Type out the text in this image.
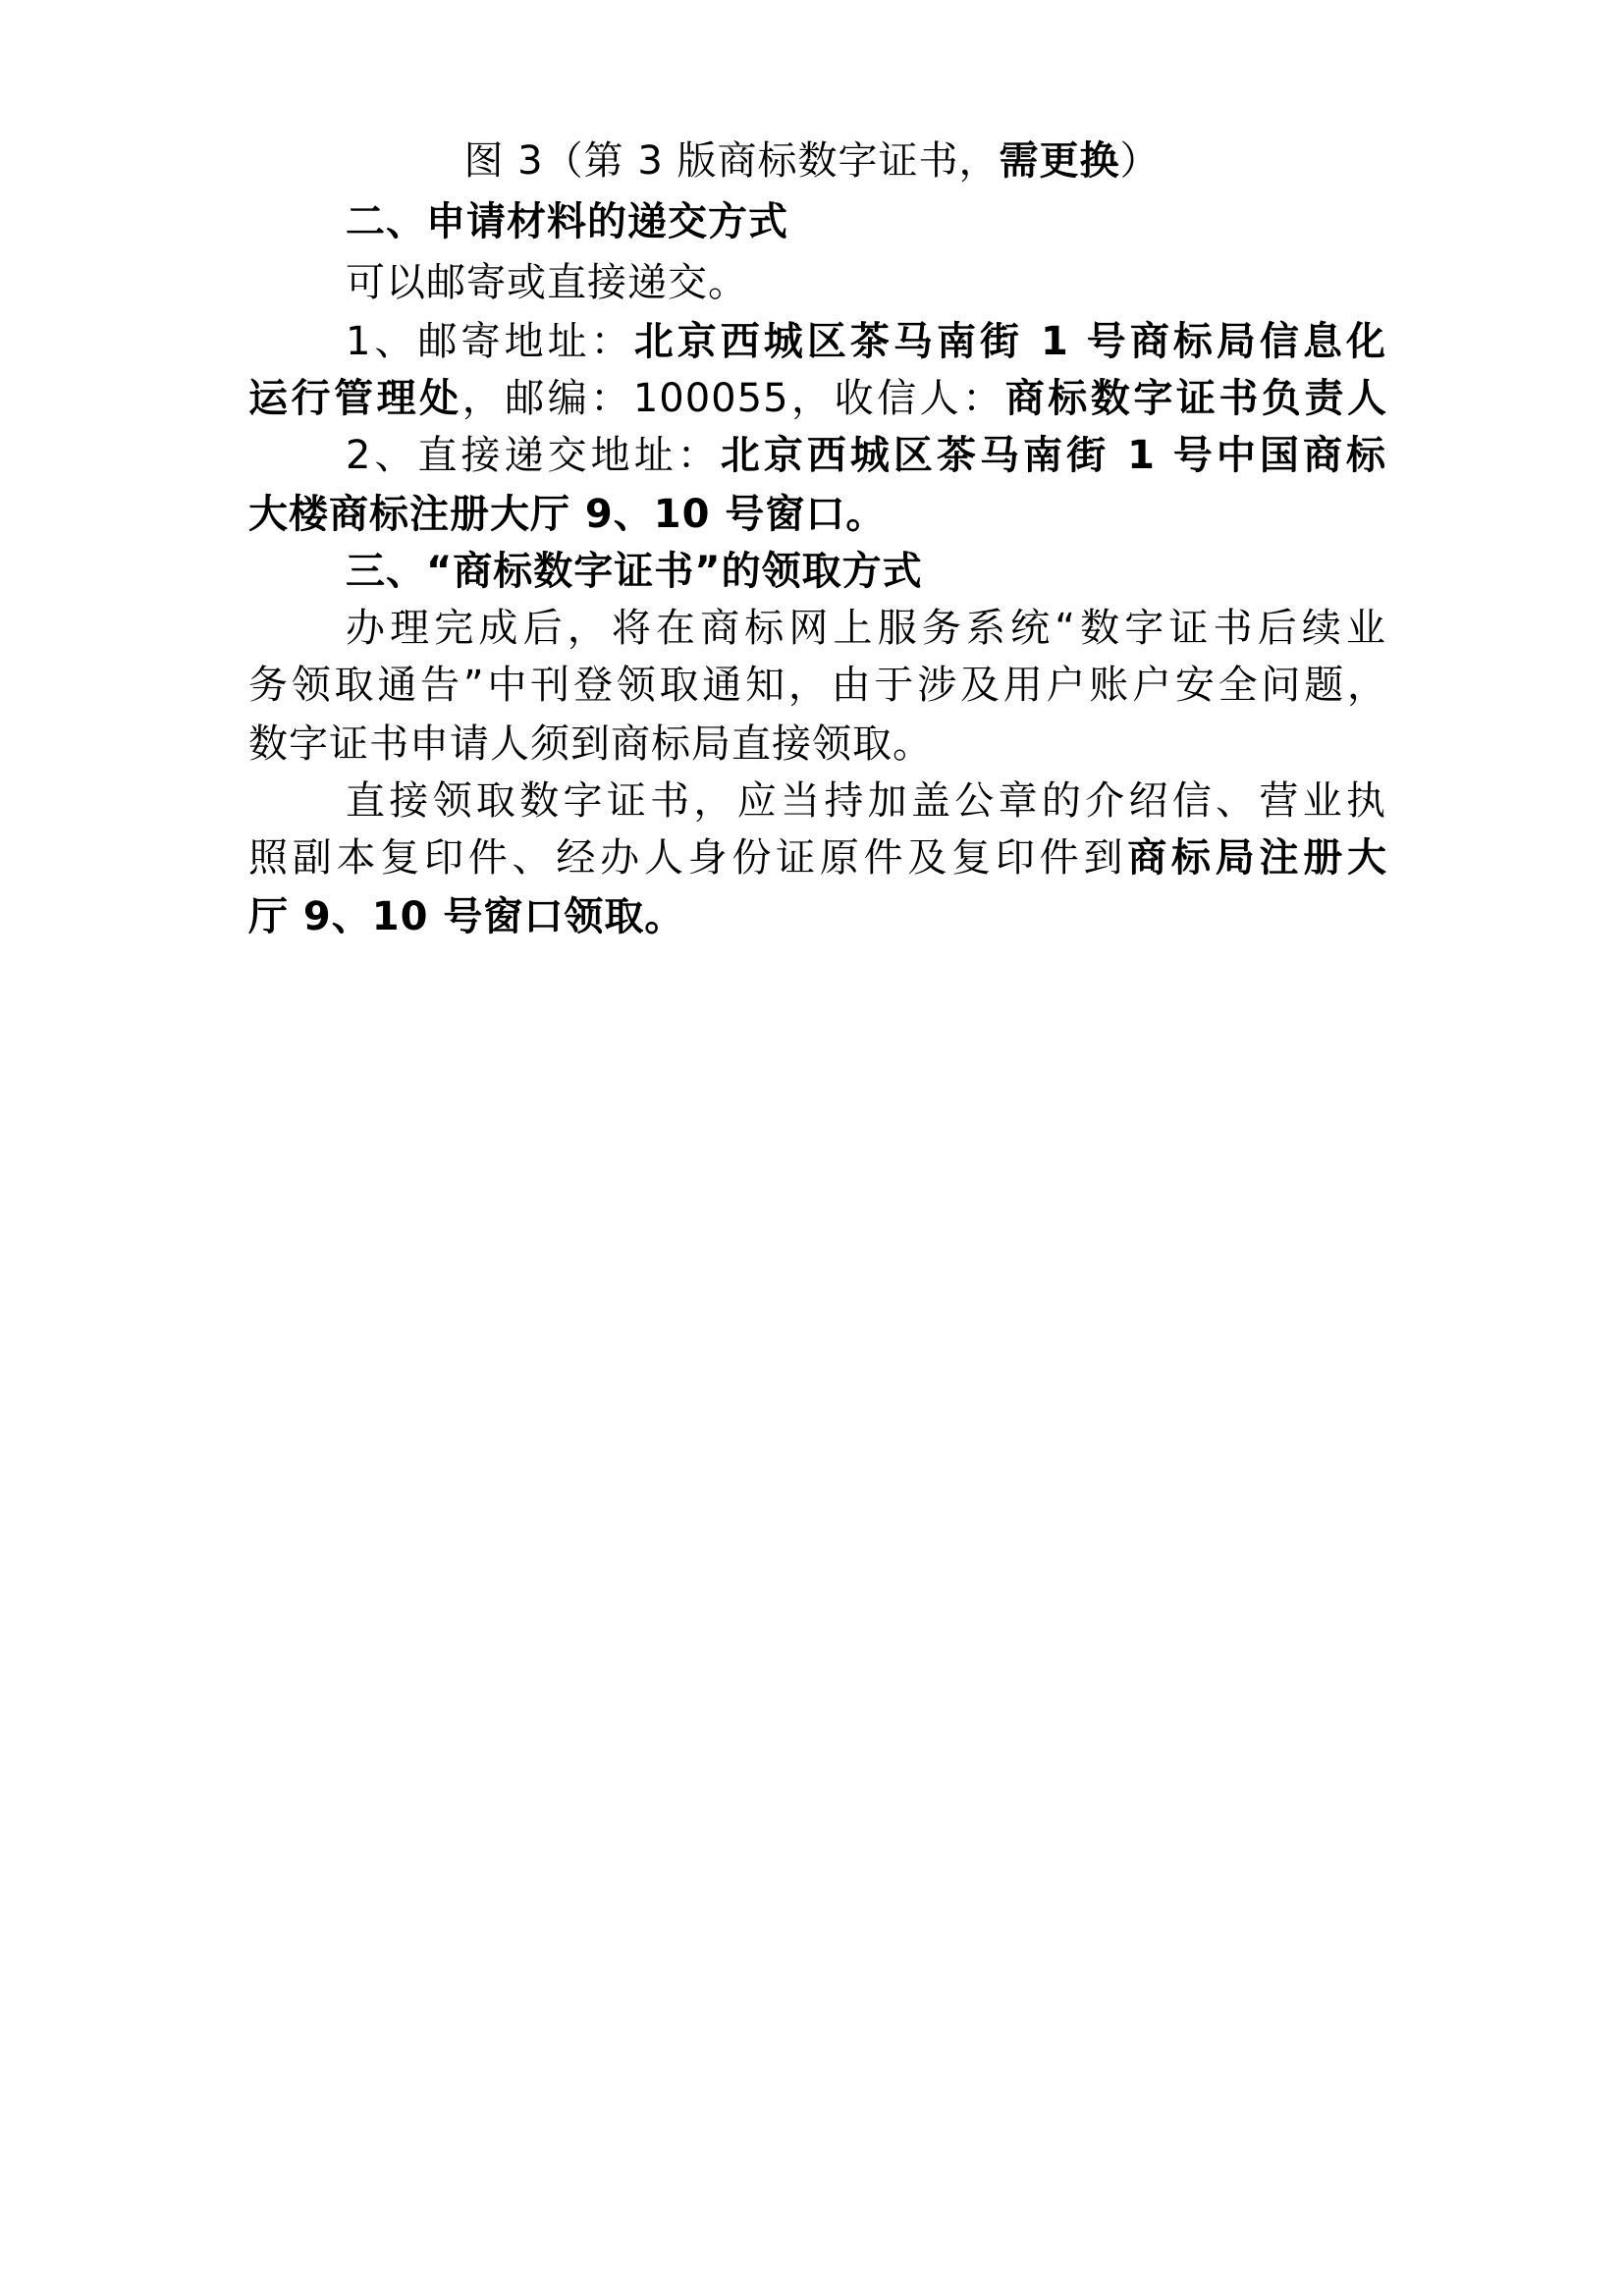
图 3（第 3 版商标数字证书，需更换）
二、申请材料的递交方式
可以邮寄或直接递交。
1、邮寄地址：北京西城区茶马南街 1 号商标局信息化
运行管理处，邮编：100055，收信人：商标数字证书负责人
2、直接递交地址：北京西城区茶马南街 1 号中国商标
大楼商标注册大厅 9、10 号窗口。
三、“商标数字证书”的领取方式
办理完成后，将在商标网上服务系统“数字证书后续业
务领取通告”中刊登领取通知，由于涉及用户账户安全问题，
数字证书申请人须到商标局直接领取。
直接领取数字证书，应当持加盖公章的介绍信、营业执
照副本复印件、经办人身份证原件及复印件到商标局注册大
厅 9、10 号窗口领取。
